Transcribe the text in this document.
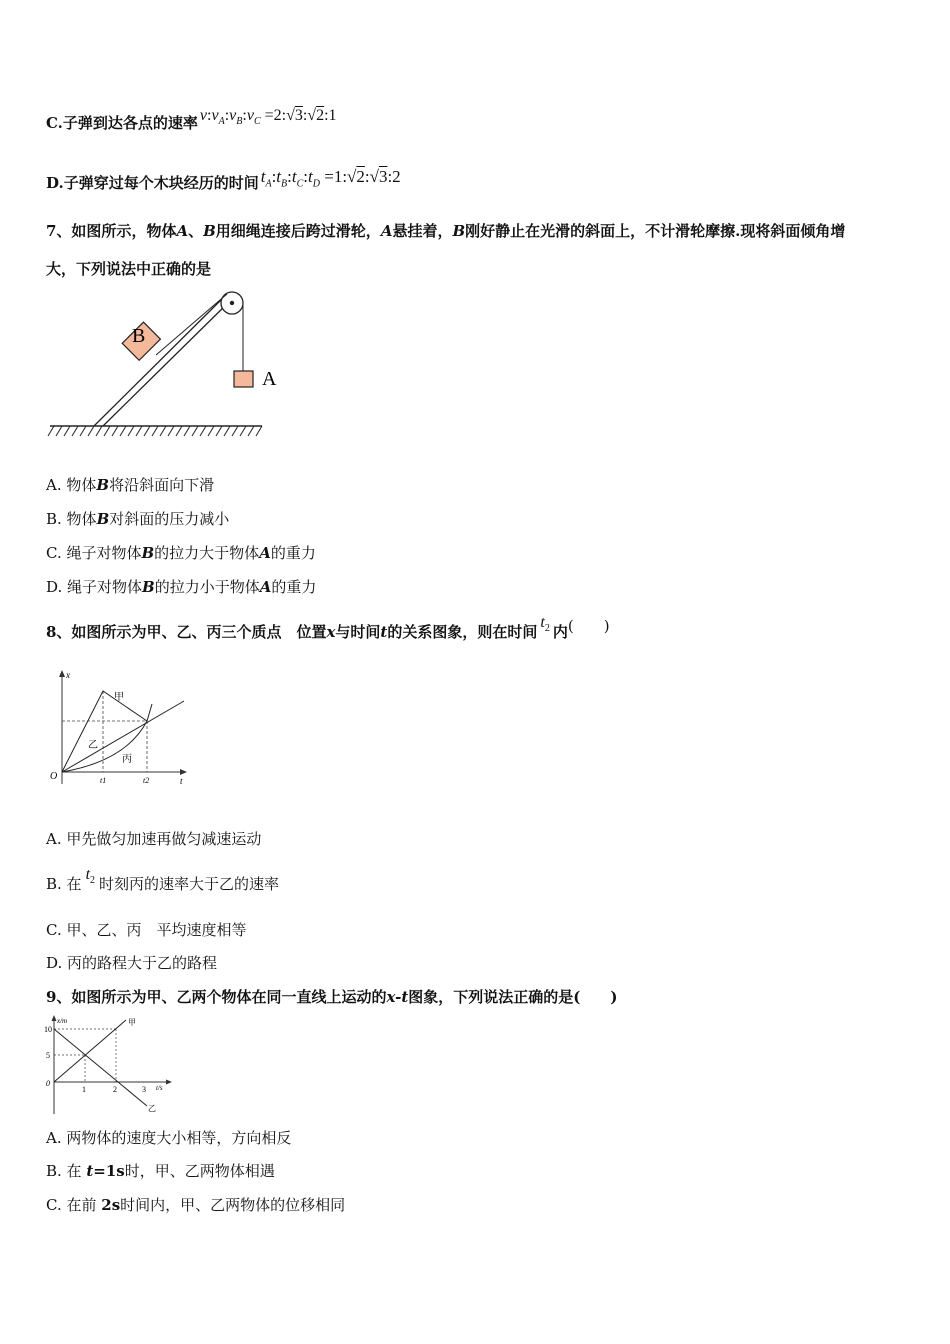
C.子弹到达各点的速率 $v:v_A:v_B:v_C$ =2:√3:√2:1
D.子弹穿过每个木块经历的时间 $t_A:t_B:t_C:t_D$ =1:√2:√3:2
7、如图所示，物体A、B用细绳连接后跨过滑轮，A悬挂着，B刚好静止在光滑的斜面上，不计滑轮摩擦.现将斜面倾角增
大，下列说法中正确的是
B
A
A. 物体B将沿斜面向下滑
B. 物体B对斜面的压力减小
C. 绳子对物体B的拉力大于物体A的重力
D. 绳子对物体B的拉力小于物体A的重力
8、如图所示为甲、乙、丙三个质点　位置x与时间t的关系图象，则在时间$t_2$ 内(　　)
x
t
O
甲
乙
丙
t1	t2
A. 甲先做匀加速再做匀减速运动
B. 在$t_2$ 时刻丙的速率大于乙的速率
C. 甲、乙、丙　平均速度相等
D. 丙的路程大于乙的路程
9、如图所示为甲、乙两个物体在同一直线上运动的x-t图象，下列说法正确的是(　　)
x/m
t/s
0
10
5
1	2	3
甲
乙
A. 两物体的速度大小相等，方向相反
B. 在 t=1s时，甲、乙两物体相遇
C. 在前 2s时间内，甲、乙两物体的位移相同
